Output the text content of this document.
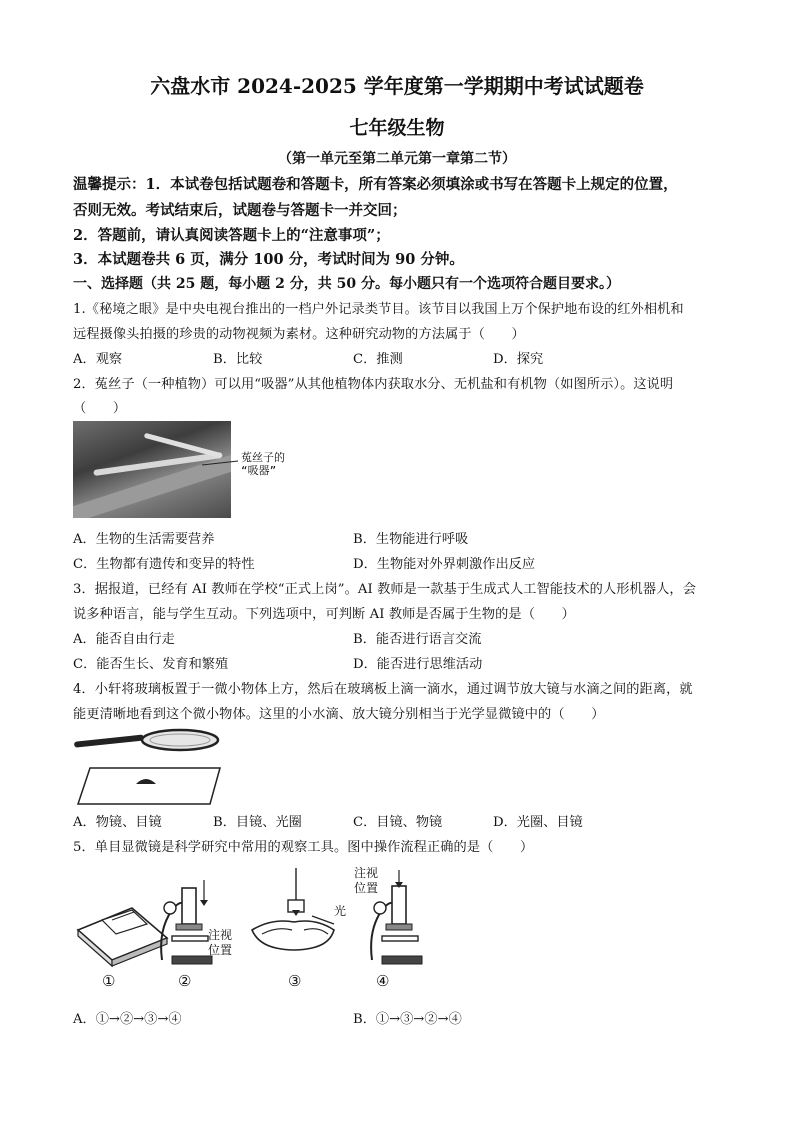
六盘水市 2024-2025 学年度第一学期期中考试试题卷
七年级生物
（第一单元至第二单元第一章第二节）
温馨提示：1．本试卷包括试题卷和答题卡，所有答案必须填涂或书写在答题卡上规定的位置，
否则无效。考试结束后，试题卷与答题卡一并交回；
2．答题前，请认真阅读答题卡上的“注意事项”；
3．本试题卷共 6 页，满分 100 分，考试时间为 90 分钟。
一、选择题（共 25 题，每小题 2 分，共 50 分。每小题只有一个选项符合题目要求。）
1.《秘境之眼》是中央电视台推出的一档户外记录类节目。该节目以我国上万个保护地布设的红外相机和
远程摄像头拍摄的珍贵的动物视频为素材。这种研究动物的方法属于（　　）
A．观察	B．比较	C．推测	D．探究
2．菟丝子（一种植物）可以用“吸器”从其他植物体内获取水分、无机盐和有机物（如图所示）。这说明
（　　）
菟丝子的
“吸器”
A．生物的生活需要营养	B．生物能进行呼吸
C．生物都有遗传和变异的特性	D．生物能对外界刺激作出反应
3．据报道，已经有 AI 教师在学校“正式上岗”。AI 教师是一款基于生成式人工智能技术的人形机器人，会
说多种语言，能与学生互动。下列选项中，可判断 AI 教师是否属于生物的是（　　）
A．能否自由行走	B．能否进行语言交流
C．能否生长、发育和繁殖	D．能否进行思维活动
4．小轩将玻璃板置于一微小物体上方，然后在玻璃板上滴一滴水，通过调节放大镜与水滴之间的距离，就
能更清晰地看到这个微小物体。这里的小水滴、放大镜分别相当于光学显微镜中的（　　）
A．物镜、目镜	B．目镜、光圈	C．目镜、物镜	D．光圈、目镜
5．单目显微镜是科学研究中常用的观察工具。图中操作流程正确的是（　　）
注视
位置
光
注视
位置
①	②	③	④
A．①→②→③→④	B．①→③→②→④
